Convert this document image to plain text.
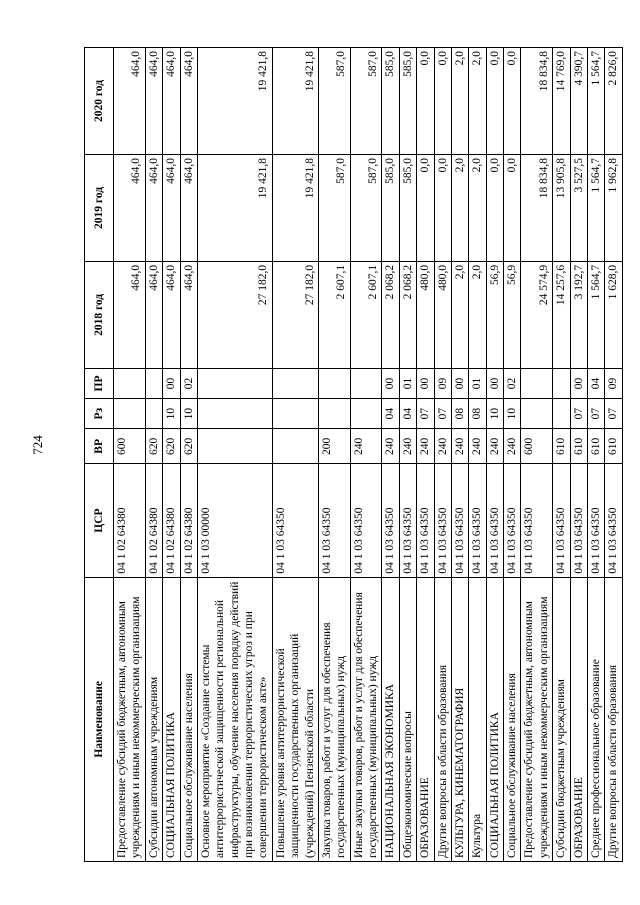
724
Наименование	ЦСР	ВР	Рз	ПР	2018 год	2019 год	2020 год
Предоставление субсидий бюджетным, автономным учреждениям и иным некоммерческим организациям	04 1 02 64380	600			464,0	464,0	464,0
Субсидии автономным учреждениям	04 1 02 64380	620			464,0	464,0	464,0
СОЦИАЛЬНАЯ ПОЛИТИКА	04 1 02 64380	620	10	00	464,0	464,0	464,0
Социальное обслуживание населения	04 1 02 64380	620	10	02	464,0	464,0	464,0
Основное мероприятие «Создание системы антитеррористической защищенности региональной инфраструктуры, обучение населения порядку действий при возникновении террористических угроз и при совершении террористическом акте»	04 1 03 00000				27 182,0	19 421,8	19 421,8
Повышение уровня антитеррористической защищенности государственных организаций (учреждений) Пензенской области	04 1 03 64350				27 182,0	19 421,8	19 421,8
Закупка товаров, работ и услуг для обеспечения государственных (муниципальных) нужд	04 1 03 64350	200			2 607,1	587,0	587,0
Иные закупки товаров, работ и услуг для обеспечения государственных (муниципальных) нужд	04 1 03 64350	240			2 607,1	587,0	587,0
НАЦИОНАЛЬНАЯ ЭКОНОМИКА	04 1 03 64350	240	04	00	2 068,2	585,0	585,0
Общеэкономические вопросы	04 1 03 64350	240	04	01	2 068,2	585,0	585,0
ОБРАЗОВАНИЕ	04 1 03 64350	240	07	00	480,0	0,0	0,0
Другие вопросы в области образования	04 1 03 64350	240	07	09	480,0	0,0	0,0
КУЛЬТУРА, КИНЕМАТОГРАФИЯ	04 1 03 64350	240	08	00	2,0	2,0	2,0
Культура	04 1 03 64350	240	08	01	2,0	2,0	2,0
СОЦИАЛЬНАЯ ПОЛИТИКА	04 1 03 64350	240	10	00	56,9	0,0	0,0
Социальное обслуживание населения	04 1 03 64350	240	10	02	56,9	0,0	0,0
Предоставление субсидий бюджетным, автономным учреждениям и иным некоммерческим организациям	04 1 03 64350	600			24 574,9	18 834,8	18 834,8
Субсидии бюджетным учреждениям	04 1 03 64350	610			14 257,6	13 905,8	14 769,0
ОБРАЗОВАНИЕ	04 1 03 64350	610	07	00	3 192,7	3 527,5	4 390,7
Среднее профессиональное образование	04 1 03 64350	610	07	04	1 564,7	1 564,7	1 564,7
Другие вопросы в области образования	04 1 03 64350	610	07	09	1 628,0	1 962,8	2 826,0
